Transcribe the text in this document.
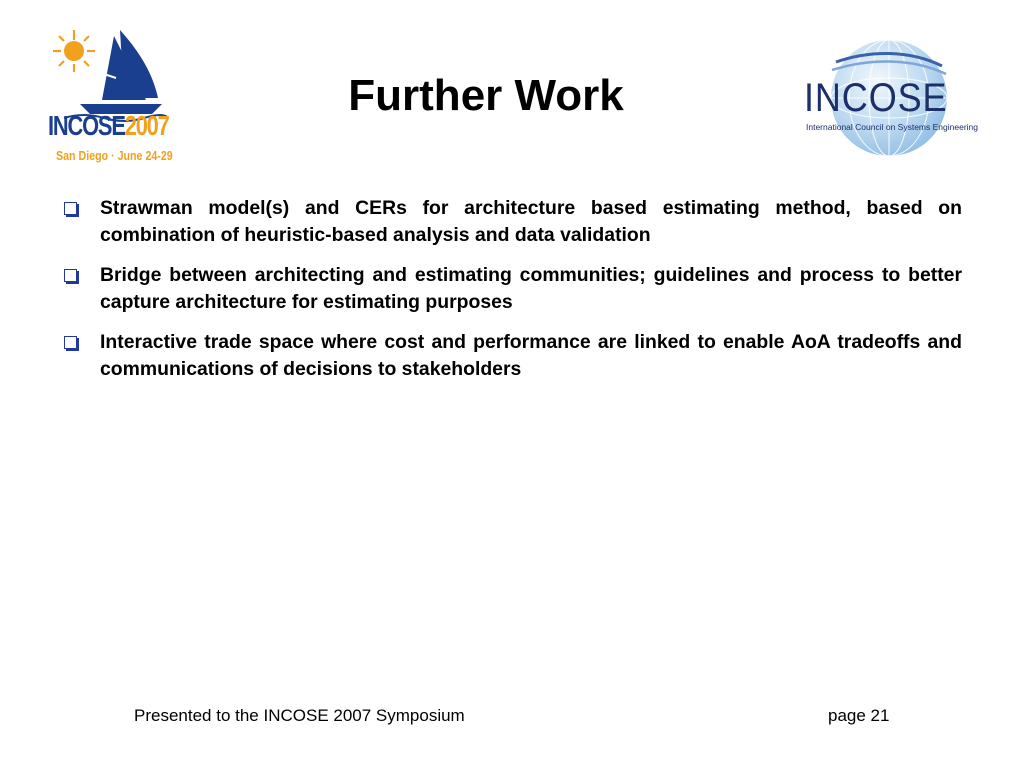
INCOSE2007
San Diego · June 24-29
Further Work	INCOSE
International Council on Systems Engineering
Strawman model(s) and CERs for architecture based estimating method, based on combination of heuristic-based analysis and data validation
Bridge between architecting and estimating communities; guidelines and process to better capture architecture for estimating purposes
Interactive trade space where cost and performance are linked to enable AoA tradeoffs and communications of decisions to stakeholders
Presented to the INCOSE 2007 Symposium	page 21
